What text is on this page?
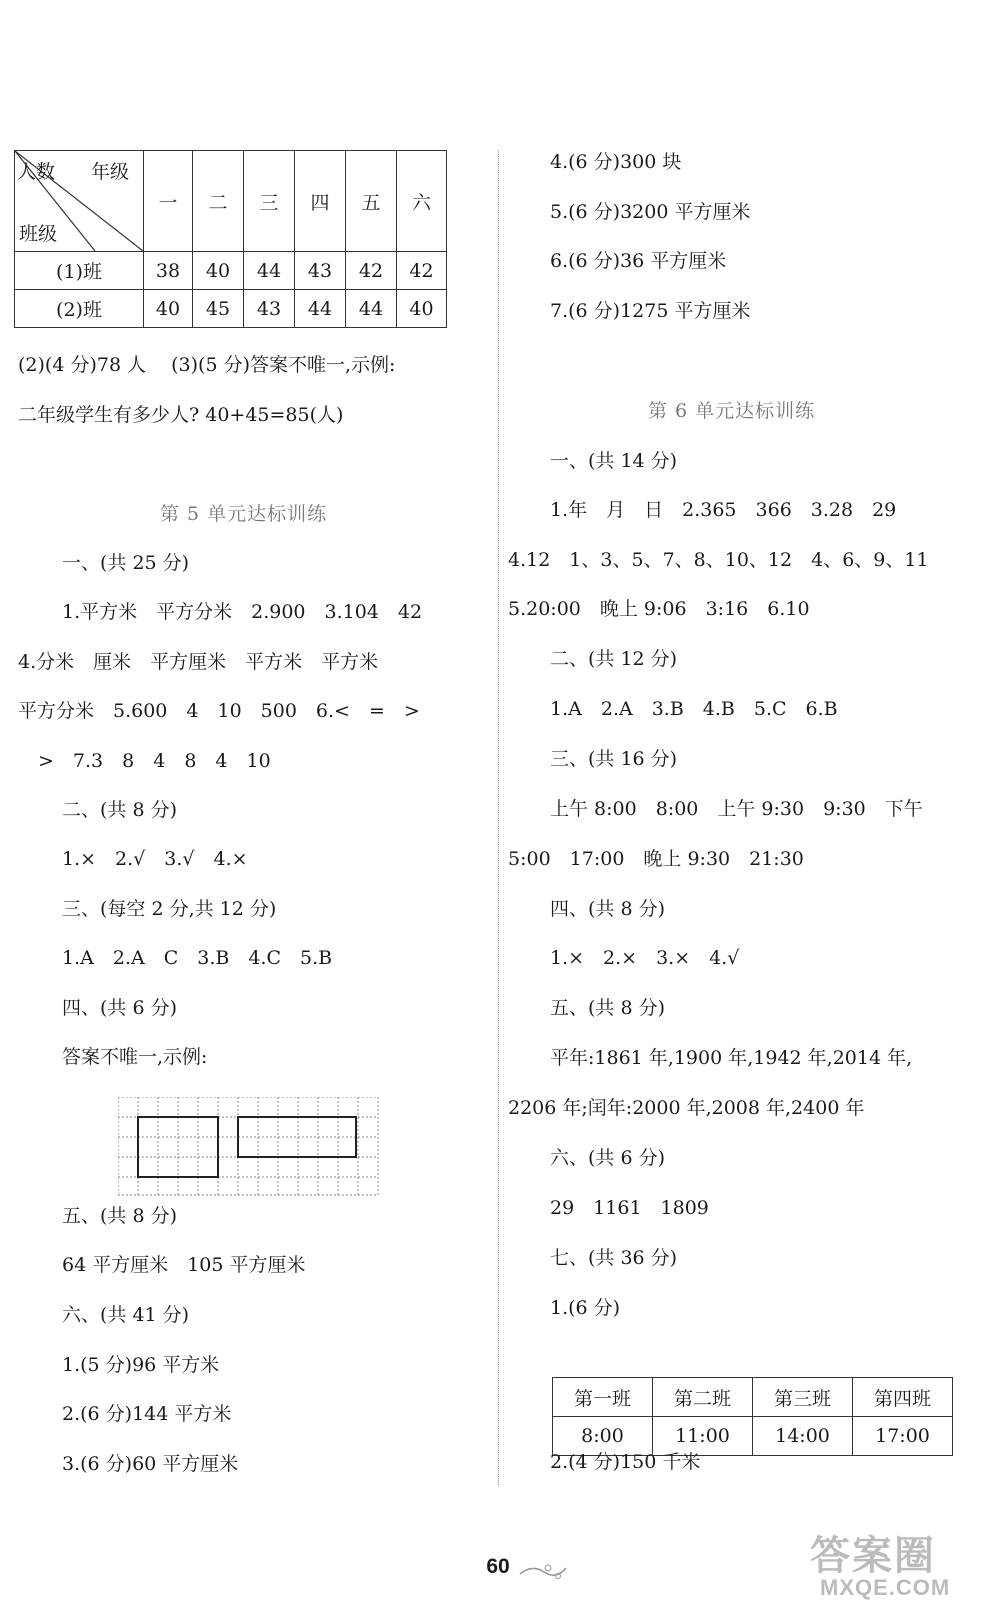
人数 年级
班级	一	二	三	四	五	六
(1)班	38	40	44	43	42	42
(2)班	40	45	43	44	44	40
(2)(4 分)78 人　 (3)(5 分)答案不唯一,示例:
二年级学生有多少人? 40+45=85(人)
第 5 单元达标训练
一、(共 25 分)
1.平方米　平方分米　2.900　3.104　42
4.分米　厘米　平方厘米　平方米　平方米
平方分米　5.600　4　10　500　6.<　=　>
>　7.3　8　4　8　4　10
二、(共 8 分)
1.×　2.√　3.√　4.×
三、(每空 2 分,共 12 分)
1.A　2.A　C　3.B　4.C　5.B
四、(共 6 分)
答案不唯一,示例:
五、(共 8 分)
64 平方厘米　105 平方厘米
六、(共 41 分)
1.(5 分)96 平方米
2.(6 分)144 平方米
3.(6 分)60 平方厘米
4.(6 分)300 块
5.(6 分)3200 平方厘米
6.(6 分)36 平方厘米
7.(6 分)1275 平方厘米
第 6 单元达标训练
一、(共 14 分)
1.年　月　日　2.365　366　3.28　29
4.12　1、3、5、7、8、10、12　4、6、9、11
5.20:00　晚上 9:06　3:16　6.10
二、(共 12 分)
1.A　2.A　3.B　4.B　5.C　6.B
三、(共 16 分)
上午 8:00　8:00　上午 9:30　9:30　下午
5:00　17:00　晚上 9:30　21:30
四、(共 8 分)
1.×　2.×　3.×　4.√
五、(共 8 分)
平年:1861 年,1900 年,1942 年,2014 年,
2206 年;闰年:2000 年,2008 年,2400 年
六、(共 6 分)
29　1161　1809
七、(共 36 分)
1.(6 分)
第一班	第二班	第三班	第四班
8:00	11:00	14:00	17:00
2.(4 分)150 千米
60	答案圈
MXQE.COM
